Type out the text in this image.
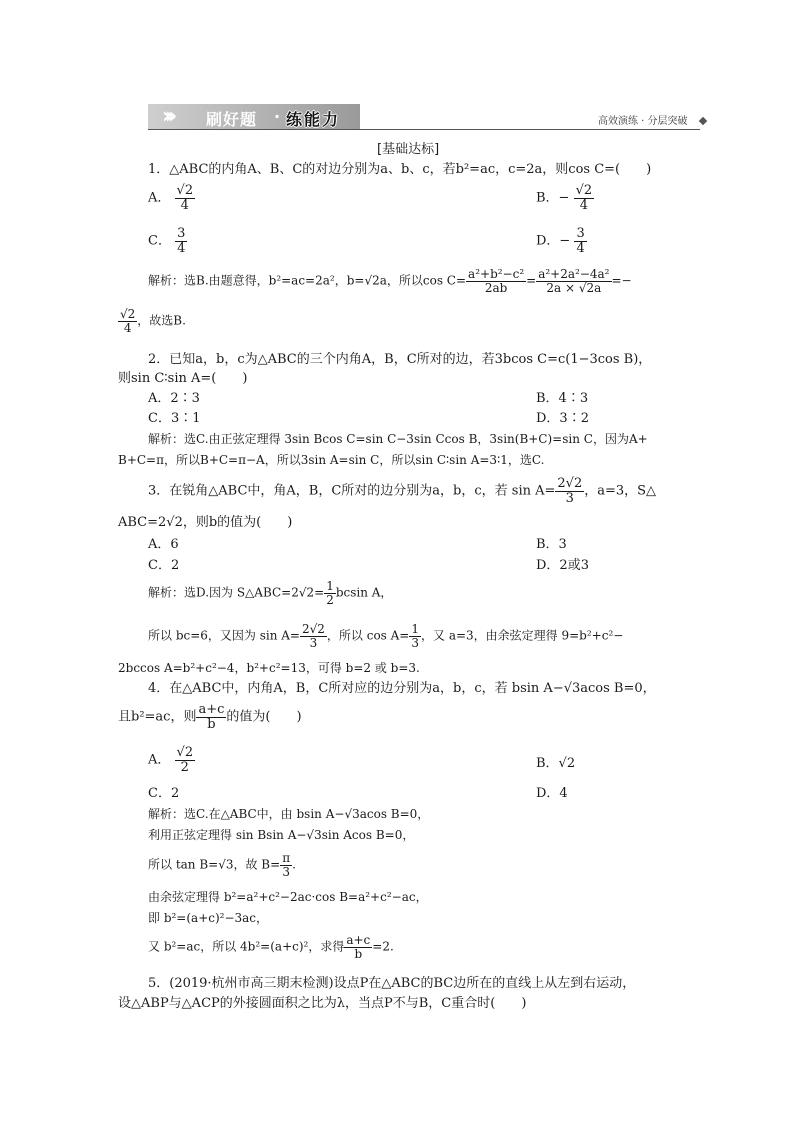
››› 刷好题 · 练能力	高效演练 · 分层突破
[基础达标]
1．△ABC的内角A、B、C的对边分别为a、b、c，若b²=ac，c=2a，则cos C=(　　)
A． $\frac{√2}{4}$	B．− $\frac{√2}{4}$
C． $\frac{3}{4}$	D．− $\frac{3}{4}$
解析：选B.由题意得，b²=ac=2a²，b=√2a，所以$\cos C= \frac{\text{a²+b²−c²}}{2ab} = \frac{\text{a²+2a²−4a²}}{2a \times √2a}$ =−
$\frac{√2}{4}$ ，故选B.
2．已知a，b，c为△ABC的三个内角A，B，C所对的边，若3bcos C=c(1−3cos B)，
则sin C∶sin A=(　　)
A．2∶3	B．4∶3
C．3∶1	D．3∶2
解析：选C.由正弦定理得 3sin Bcos C=sin C−3sin Ccos B，3sin(B+C)=sin C，因为A+
B+C=π，所以B+C=π−A，所以3sin A=sin C，所以sin C∶sin A=3∶1，选C.
3．在锐角△ABC中，角A，B，C所对的边分别为a，b，c，若 $\sin A= \frac{2√2}{3}$ ，a=3，S△
ABC=2√2，则b的值为(　　)
A．6	B．3
C．2	D．2或3
解析：选D.因为 S△ABC=2√2= $\frac{1}{2}$ bcsin A，
所以 bc=6，又因为 $\sin A= \frac{2√2}{3}$ ，所以 $\cos A= \frac{1}{3}$ ，又 a=3，由余弦定理得 9=b²+c²−
2bccos A=b²+c²−4，b²+c²=13，可得 b=2 或 b=3.
4．在△ABC中，内角A，B，C所对应的边分别为a，b，c，若 bsin A−√3acos B=0，
且b²=ac，则 $\frac{a+c}{b}$ 的值为(　　)
A． $\frac{√2}{2}$	B．√2
C．2	D．4
解析：选C.在△ABC中，由 bsin A−√3acos B=0，
利用正弦定理得 sin Bsin A−√3sin Acos B=0，
所以 tan B=√3，故 $B= \frac{\pi}{3}$ .
由余弦定理得 b²=a²+c²−2ac·cos B=a²+c²−ac，
即 b²=(a+c)²−3ac，
又 b²=ac，所以 4b²=(a+c)²，求得 $\frac{a+c}{b} =2$.
5．(2019·杭州市高三期末检测)设点P在△ABC的BC边所在的直线上从左到右运动，
设△ABP与△ACP的外接圆面积之比为λ，当点P不与B，C重合时(　　)
